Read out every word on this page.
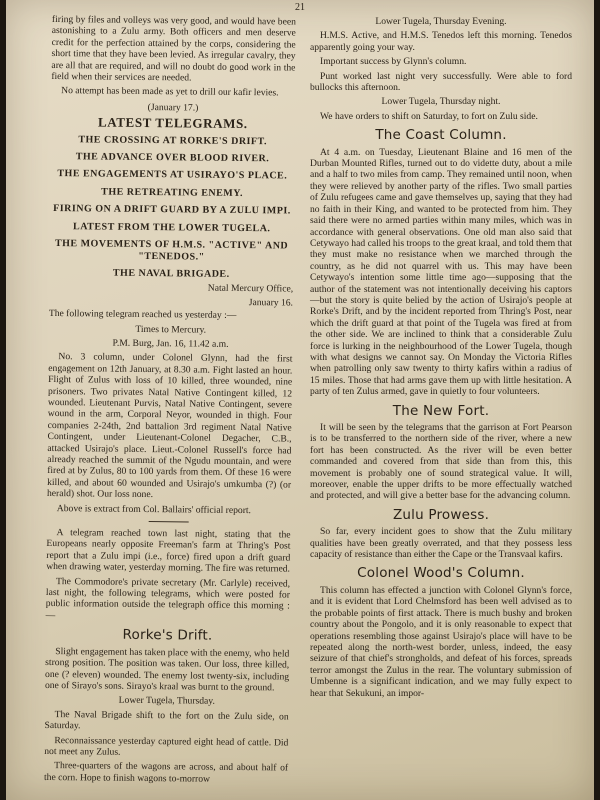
21

firing by files and volleys was very good, and would have been astonishing to a Zulu army. Both officers and men deserve credit for the perfection attained by the corps, considering the short time that they have been levied. As irregular cavalry, they are all that are required, and will no doubt do good work in the field when their services are needed.

No attempt has been made as yet to drill our kafir levies.

(January 17.)
LATEST TELEGRAMS.
THE CROSSING AT RORKE'S DRIFT.
THE ADVANCE OVER BLOOD RIVER.
THE ENGAGEMENTS AT USIRAYO'S PLACE.
THE RETREATING ENEMY.
FIRING ON A DRIFT GUARD BY A ZULU IMPI.
LATEST FROM THE LOWER TUGELA.
THE MOVEMENTS OF H.M.S. "ACTIVE" AND "TENEDOS."
THE NAVAL BRIGADE.
Natal Mercury Office,
January 16.

The following telegram reached us yesterday :—

Times to Mercury.
P.M. Burg, Jan. 16, 11.42 a.m.

No. 3 column, under Colonel Glynn, had the first engagement on 12th January, at 8.30 a.m. Fight lasted an hour. Flight of Zulus with loss of 10 killed, three wounded, nine prisoners. Two privates Natal Native Contingent killed, 12 wounded. Lieutenant Purvis, Natal Native Contingent, severe wound in the arm, Corporal Neyor, wounded in thigh. Four companies 2-24th, 2nd battalion 3rd regiment Natal Native Contingent, under Lieutenant-Colonel Degacher, C.B., attacked Usirajo's place. Lieut.-Colonel Russell's force had already reached the summit of the Ngudu mountain, and were fired at by Zulus, 80 to 100 yards from them. Of these 16 were killed, and about 60 wounded and Usirajo's umkumba (?) (or herald) shot. Our loss none.

Above is extract from Col. Ballairs' official report.

A telegram reached town last night, stating that the Europeans nearly opposite Freeman's farm at Thring's Post report that a Zulu impi (i.e., force) fired upon a drift guard when drawing water, yesterday morning. The fire was returned.

The Commodore's private secretary (Mr. Carlyle) received, last night, the following telegrams, which were posted for public information outside the telegraph office this morning :—

Rorke's Drift.

Slight engagement has taken place with the enemy, who held strong position. The position was taken. Our loss, three killed, one (? eleven) wounded. The enemy lost twenty-six, including one of Sirayo's sons. Sirayo's kraal was burnt to the ground.

Lower Tugela, Thursday.

The Naval Brigade shift to the fort on the Zulu side, on Saturday.

Reconnaissance yesterday captured eight head of cattle. Did not meet any Zulus.

Three-quarters of the wagons are across, and about half of the corn. Hope to finish wagons to-morrow

Lower Tugela, Thursday Evening.

H.M.S. Active, and H.M.S. Tenedos left this morning. Tenedos apparently going your way.

Important success by Glynn's column.

Punt worked last night very successfully. Were able to ford bullocks this afternoon.

Lower Tugela, Thursday night.

We have orders to shift on Saturday, to fort on Zulu side.

The Coast Column.

At 4 a.m. on Tuesday, Lieutenant Blaine and 16 men of the Durban Mounted Rifles, turned out to do vidette duty, about a mile and a half to two miles from camp. They remained until noon, when they were relieved by another party of the rifles. Two small parties of Zulu refugees came and gave themselves up, saying that they had no faith in their King, and wanted to be protected from him. They said there were no armed parties within many miles, which was in accordance with general observations. One old man also said that Cetywayo had called his troops to the great kraal, and told them that they must make no resistance when we marched through the country, as he did not quarrel with us. This may have been Cetywayo's intention some little time ago—supposing that the author of the statement was not intentionally deceiving his captors—but the story is quite belied by the action of Usirajo's people at Rorke's Drift, and by the incident reported from Thring's Post, near which the drift guard at that point of the Tugela was fired at from the other side. We are inclined to think that a considerable Zulu force is lurking in the neighbourhood of the Lower Tugela, though with what designs we cannot say. On Monday the Victoria Rifles when patrolling only saw twenty to thirty kafirs within a radius of 15 miles. Those that had arms gave them up with little hesitation. A party of ten Zulus armed, gave in quietly to four volunteers.

The New Fort.

It will be seen by the telegrams that the garrison at Fort Pearson is to be transferred to the northern side of the river, where a new fort has been constructed. As the river will be even better commanded and covered from that side than from this, this movement is probably one of sound strategical value. It will, moreover, enable the upper drifts to be more effectually watched and protected, and will give a better base for the advancing column.

Zulu Prowess.

So far, every incident goes to show that the Zulu military qualities have been greatly overrated, and that they possess less capacity of resistance than either the Cape or the Transvaal kafirs.

Colonel Wood's Column.

This column has effected a junction with Colonel Glynn's force, and it is evident that Lord Chelmsford has been well advised as to the probable points of first attack. There is much bushy and broken country about the Pongolo, and it is only reasonable to expect that operations resembling those against Usirajo's place will have to be repeated along the north-west border, unless, indeed, the easy seizure of that chief's strongholds, and defeat of his forces, spreads terror amongst the Zulus in the rear. The voluntary submission of Umbenne is a significant indication, and we may fully expect to hear that Sekukuni, an impor-
